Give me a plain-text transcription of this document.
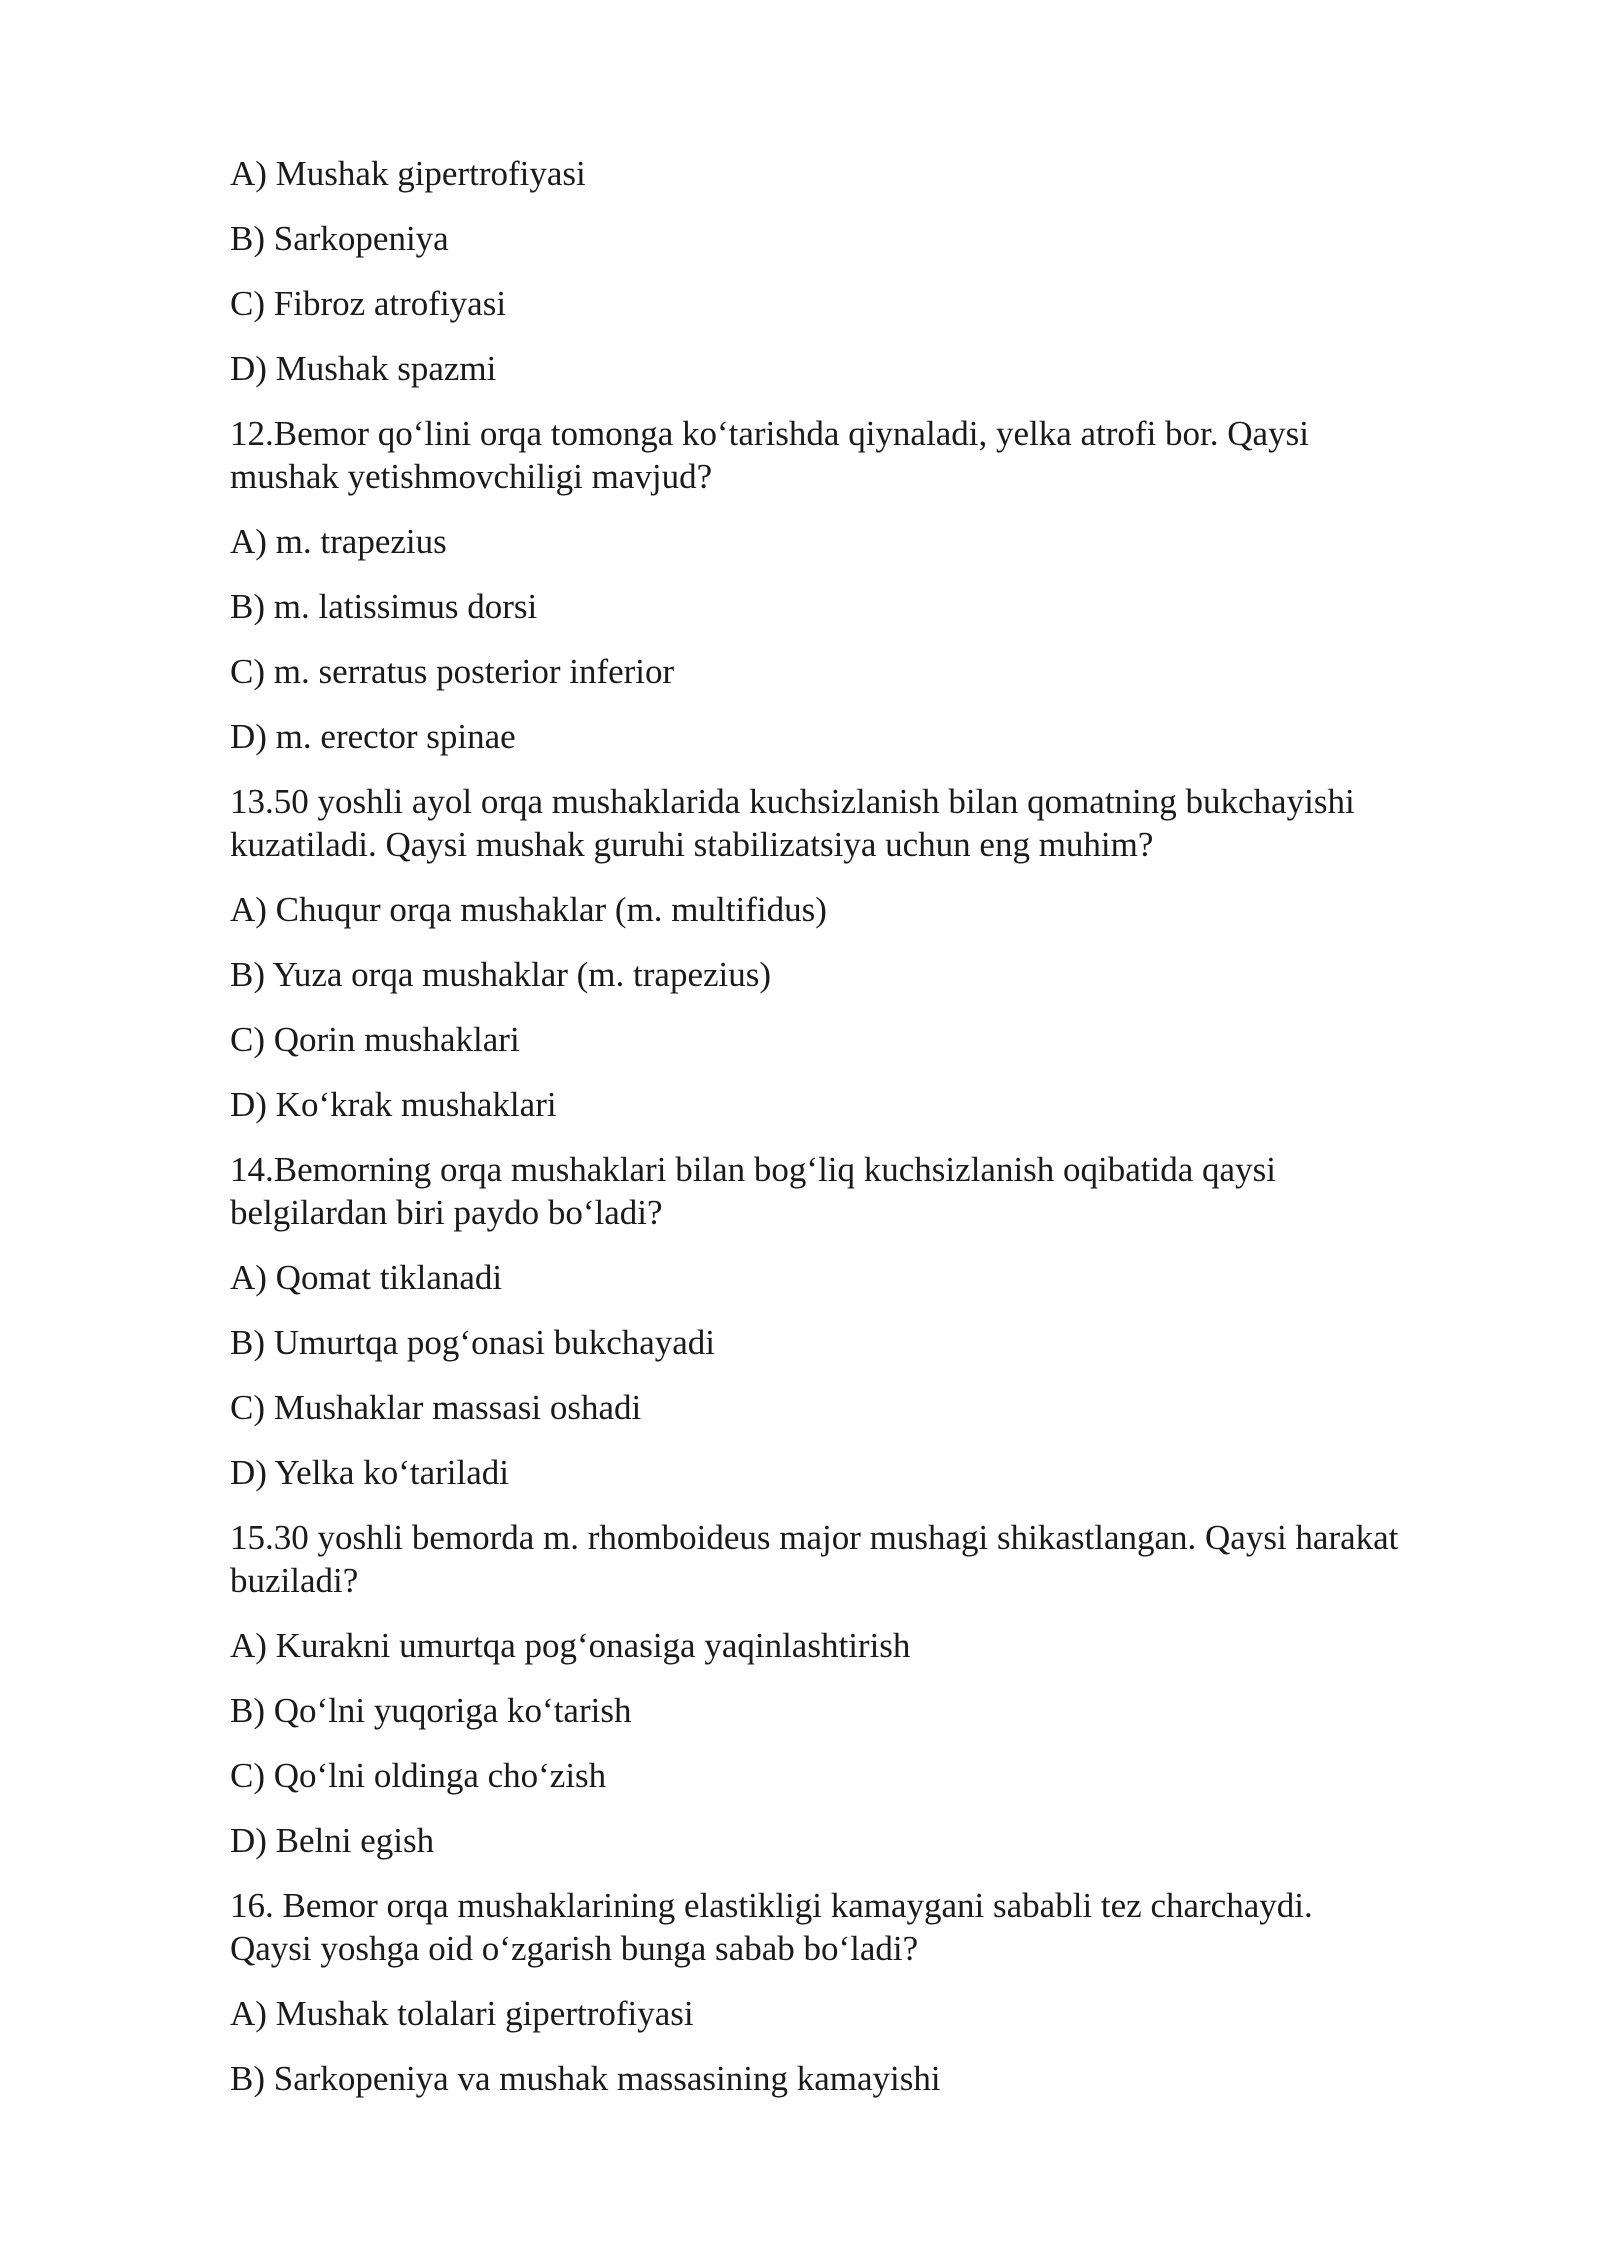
A) Mushak gipertrofiyasi
B) Sarkopeniya
C) Fibroz atrofiyasi
D) Mushak spazmi
12.Bemor qo‘lini orqa tomonga ko‘tarishda qiynaladi, yelka atrofi bor. Qaysi
mushak yetishmovchiligi mavjud?
A) m. trapezius
B) m. latissimus dorsi
C) m. serratus posterior inferior
D) m. erector spinae
13.50 yoshli ayol orqa mushaklarida kuchsizlanish bilan qomatning bukchayishi
kuzatiladi. Qaysi mushak guruhi stabilizatsiya uchun eng muhim?
A) Chuqur orqa mushaklar (m. multifidus)
B) Yuza orqa mushaklar (m. trapezius)
C) Qorin mushaklari
D) Ko‘krak mushaklari
14.Bemorning orqa mushaklari bilan bog‘liq kuchsizlanish oqibatida qaysi
belgilardan biri paydo bo‘ladi?
A) Qomat tiklanadi
B) Umurtqa pog‘onasi bukchayadi
C) Mushaklar massasi oshadi
D) Yelka ko‘tariladi
15.30 yoshli bemorda m. rhomboideus major mushagi shikastlangan. Qaysi harakat
buziladi?
A) Kurakni umurtqa pog‘onasiga yaqinlashtirish
B) Qo‘lni yuqoriga ko‘tarish
C) Qo‘lni oldinga cho‘zish
D) Belni egish
16. Bemor orqa mushaklarining elastikligi kamaygani sababli tez charchaydi.
Qaysi yoshga oid o‘zgarish bunga sabab bo‘ladi?
A) Mushak tolalari gipertrofiyasi
B) Sarkopeniya va mushak massasining kamayishi
